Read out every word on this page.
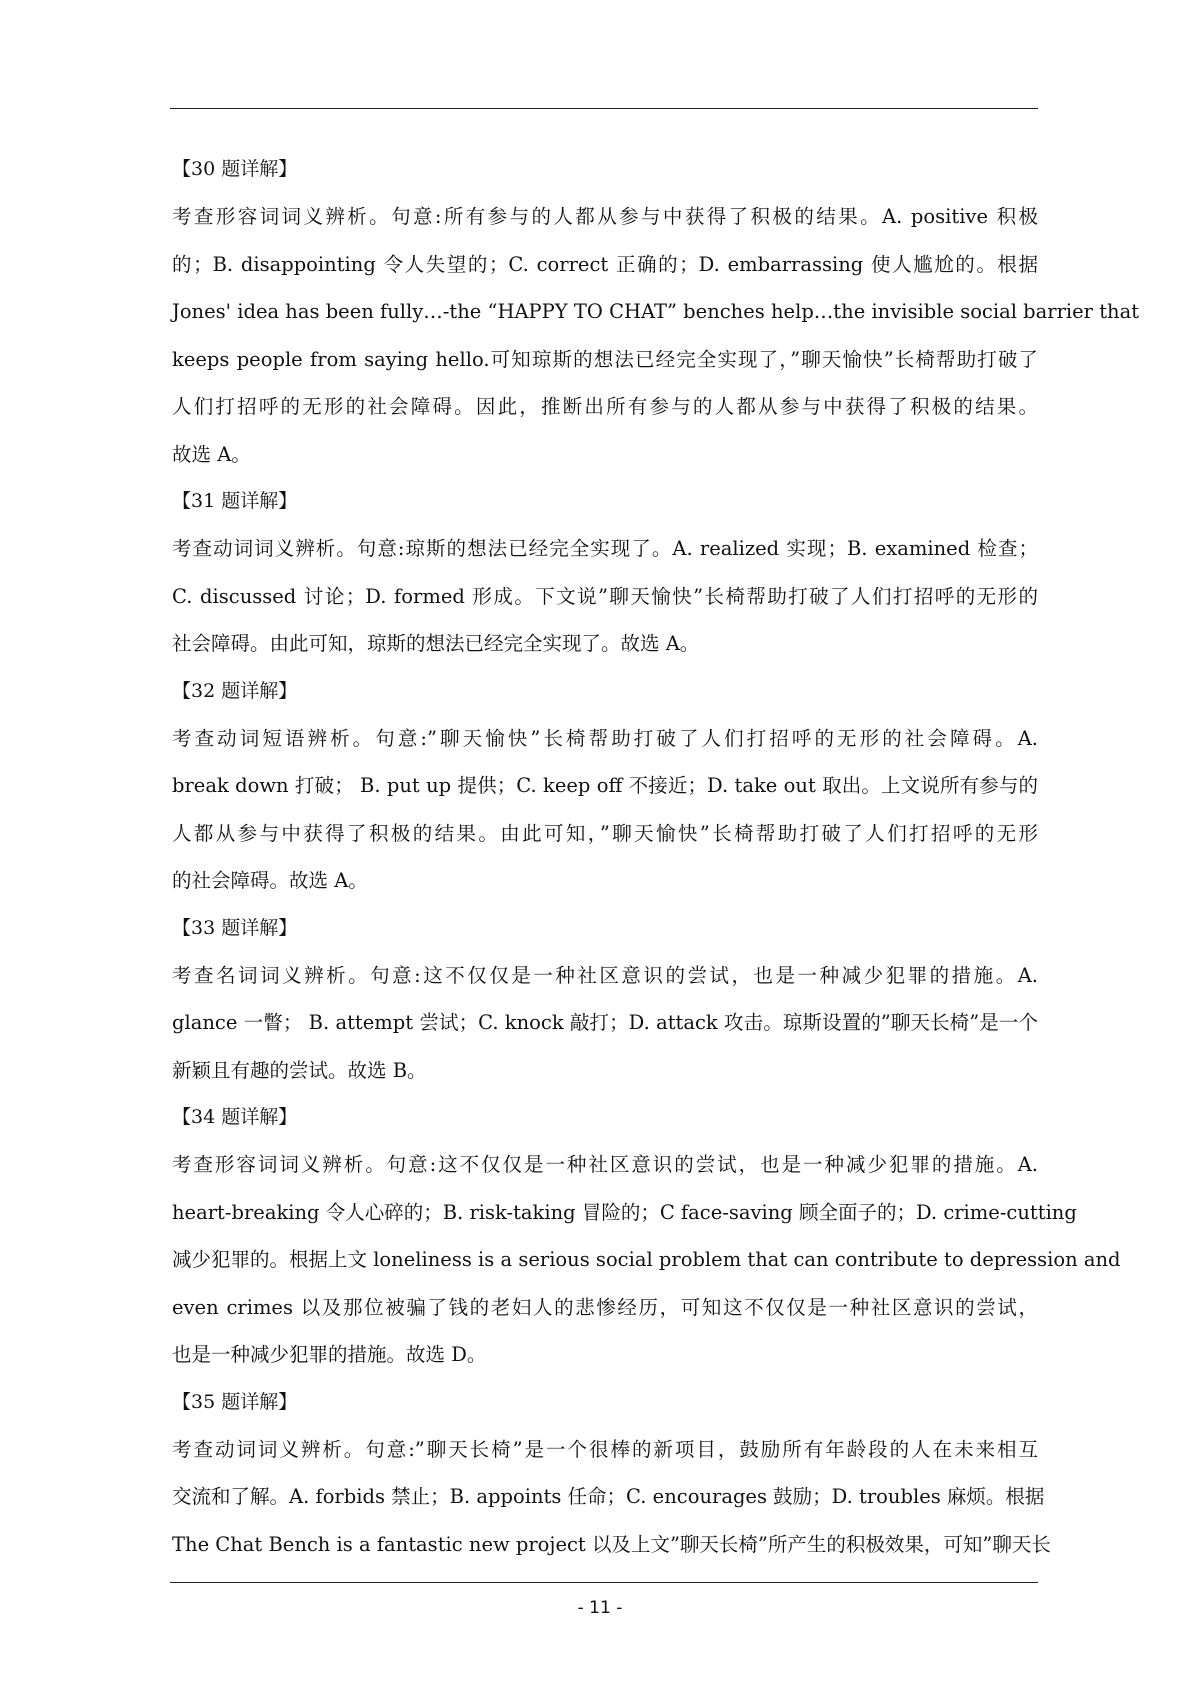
【30 题详解】
考查形容词词义辨析。句意:所有参与的人都从参与中获得了积极的结果。A. positive 积极
的；B. disappointing 令人失望的；C. correct 正确的；D. embarrassing 使人尴尬的。根据
Jones' idea has been fully…-the “HAPPY TO CHAT” benches help…the invisible social barrier that
keeps people from saying hello.可知琼斯的想法已经完全实现了，”聊天愉快”长椅帮助打破了
人们打招呼的无形的社会障碍。因此，推断出所有参与的人都从参与中获得了积极的结果。
故选 A。
【31 题详解】
考查动词词义辨析。句意:琼斯的想法已经完全实现了。A. realized 实现；B. examined 检查；
C. discussed 讨论；D. formed 形成。下文说”聊天愉快”长椅帮助打破了人们打招呼的无形的
社会障碍。由此可知，琼斯的想法已经完全实现了。故选 A。
【32 题详解】
考查动词短语辨析。句意:”聊天愉快”长椅帮助打破了人们打招呼的无形的社会障碍。A.
break down 打破； B. put up 提供；C. keep off 不接近；D. take out 取出。上文说所有参与的
人都从参与中获得了积极的结果。由此可知，”聊天愉快”长椅帮助打破了人们打招呼的无形
的社会障碍。故选 A。
【33 题详解】
考查名词词义辨析。句意:这不仅仅是一种社区意识的尝试，也是一种减少犯罪的措施。A.
glance 一瞥； B. attempt 尝试；C. knock 敲打；D. attack 攻击。琼斯设置的”聊天长椅”是一个
新颖且有趣的尝试。故选 B。
【34 题详解】
考查形容词词义辨析。句意:这不仅仅是一种社区意识的尝试，也是一种减少犯罪的措施。A.
heart-breaking 令人心碎的；B. risk-taking 冒险的；C face-saving 顾全面子的；D. crime-cutting
减少犯罪的。根据上文 loneliness is a serious social problem that can contribute to depression and
even crimes 以及那位被骗了钱的老妇人的悲惨经历，可知这不仅仅是一种社区意识的尝试，
也是一种减少犯罪的措施。故选 D。
【35 题详解】
考查动词词义辨析。句意:”聊天长椅”是一个很棒的新项目，鼓励所有年龄段的人在未来相互
交流和了解。A. forbids 禁止；B. appoints 任命；C. encourages 鼓励；D. troubles 麻烦。根据
The Chat Bench is a fantastic new project 以及上文”聊天长椅”所产生的积极效果，可知”聊天长
- 11 -
